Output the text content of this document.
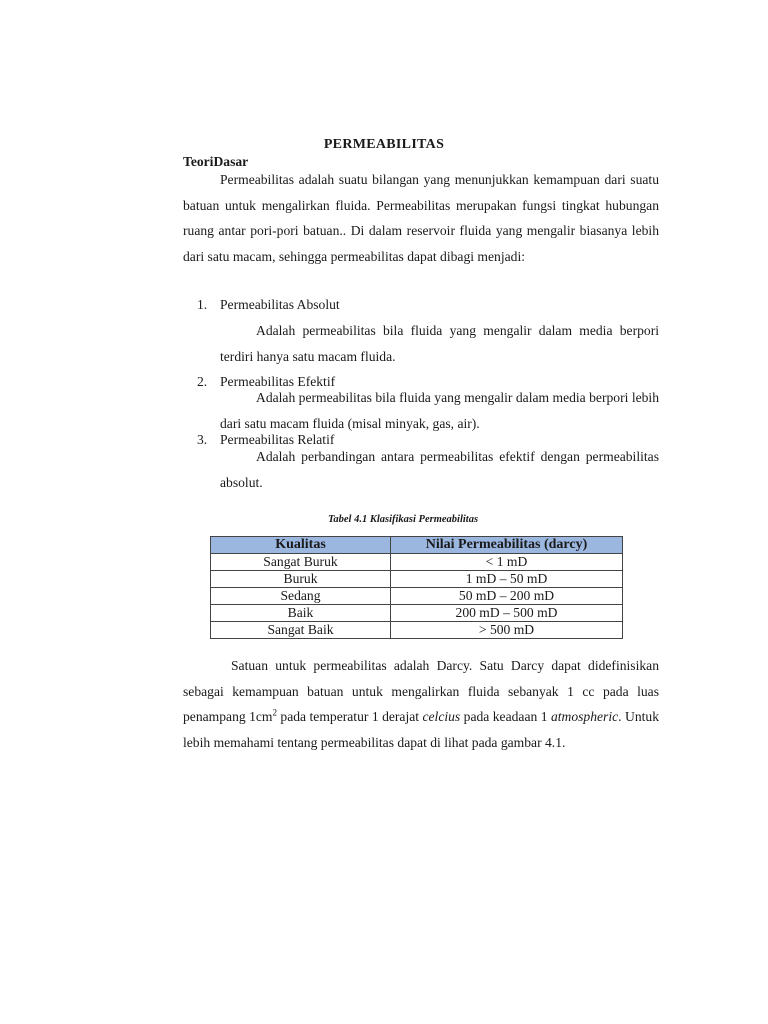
PERMEABILITAS
TeoriDasar
Permeabilitas adalah suatu bilangan yang menunjukkan kemampuan dari suatu batuan untuk mengalirkan fluida. Permeabilitas merupakan fungsi tingkat hubungan ruang antar pori-pori batuan.. Di dalam reservoir fluida yang mengalir biasanya lebih dari satu macam, sehingga permeabilitas dapat dibagi menjadi:
1. Permeabilitas Absolut
Adalah permeabilitas bila fluida yang mengalir dalam media berpori terdiri hanya satu macam fluida.
2. Permeabilitas Efektif
Adalah permeabilitas bila fluida yang mengalir dalam media berpori lebih dari satu macam fluida (misal minyak, gas, air).
3. Permeabilitas Relatif
Adalah perbandingan antara permeabilitas efektif dengan permeabilitas absolut.
Tabel 4.1 Klasifikasi Permeabilitas
Kualitas	Nilai Permeabilitas (darcy)
Sangat Buruk	< 1 mD
Buruk	1 mD – 50 mD
Sedang	50 mD – 200 mD
Baik	200 mD – 500 mD
Sangat Baik	> 500 mD
Satuan untuk permeabilitas adalah Darcy. Satu Darcy dapat didefinisikan sebagai kemampuan batuan untuk mengalirkan fluida sebanyak 1 cc pada luas penampang $1cm^2$ pada temperatur 1 derajat celcius pada keadaan 1 atmospheric. Untuk lebih memahami tentang permeabilitas dapat di lihat pada gambar 4.1.
